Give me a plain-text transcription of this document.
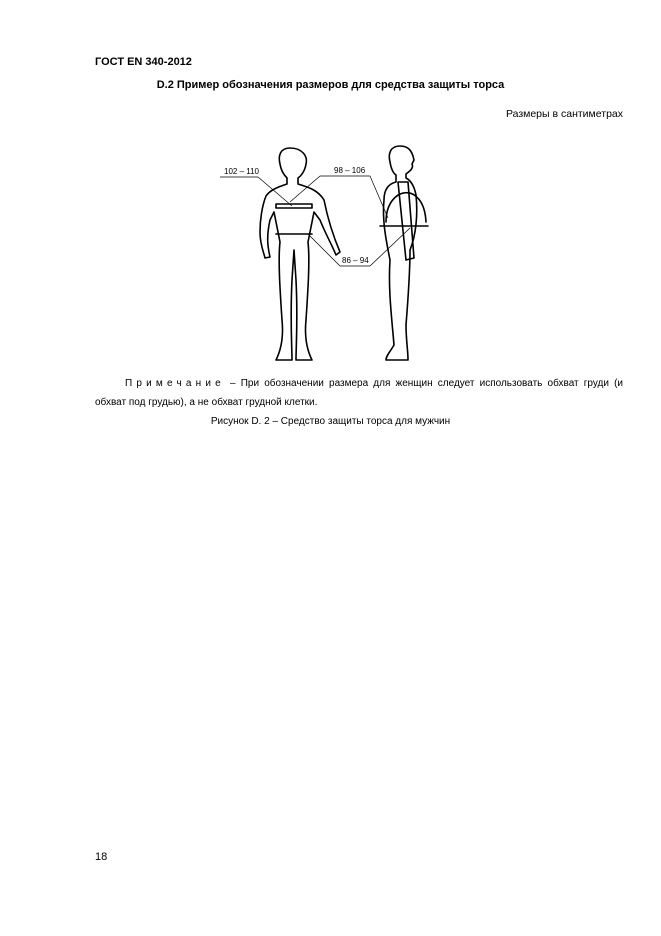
ГОСТ EN 340-2012
D.2 Пример обозначения размеров для средства защиты торса
Размеры в сантиметрах
102 – 110	98 – 106
86 – 94
Примечание – При обозначении размера для женщин следует использовать обхват груди (и обхват под грудью), а не обхват грудной клетки.
Рисунок D. 2 – Средство защиты торса для мужчин
18
